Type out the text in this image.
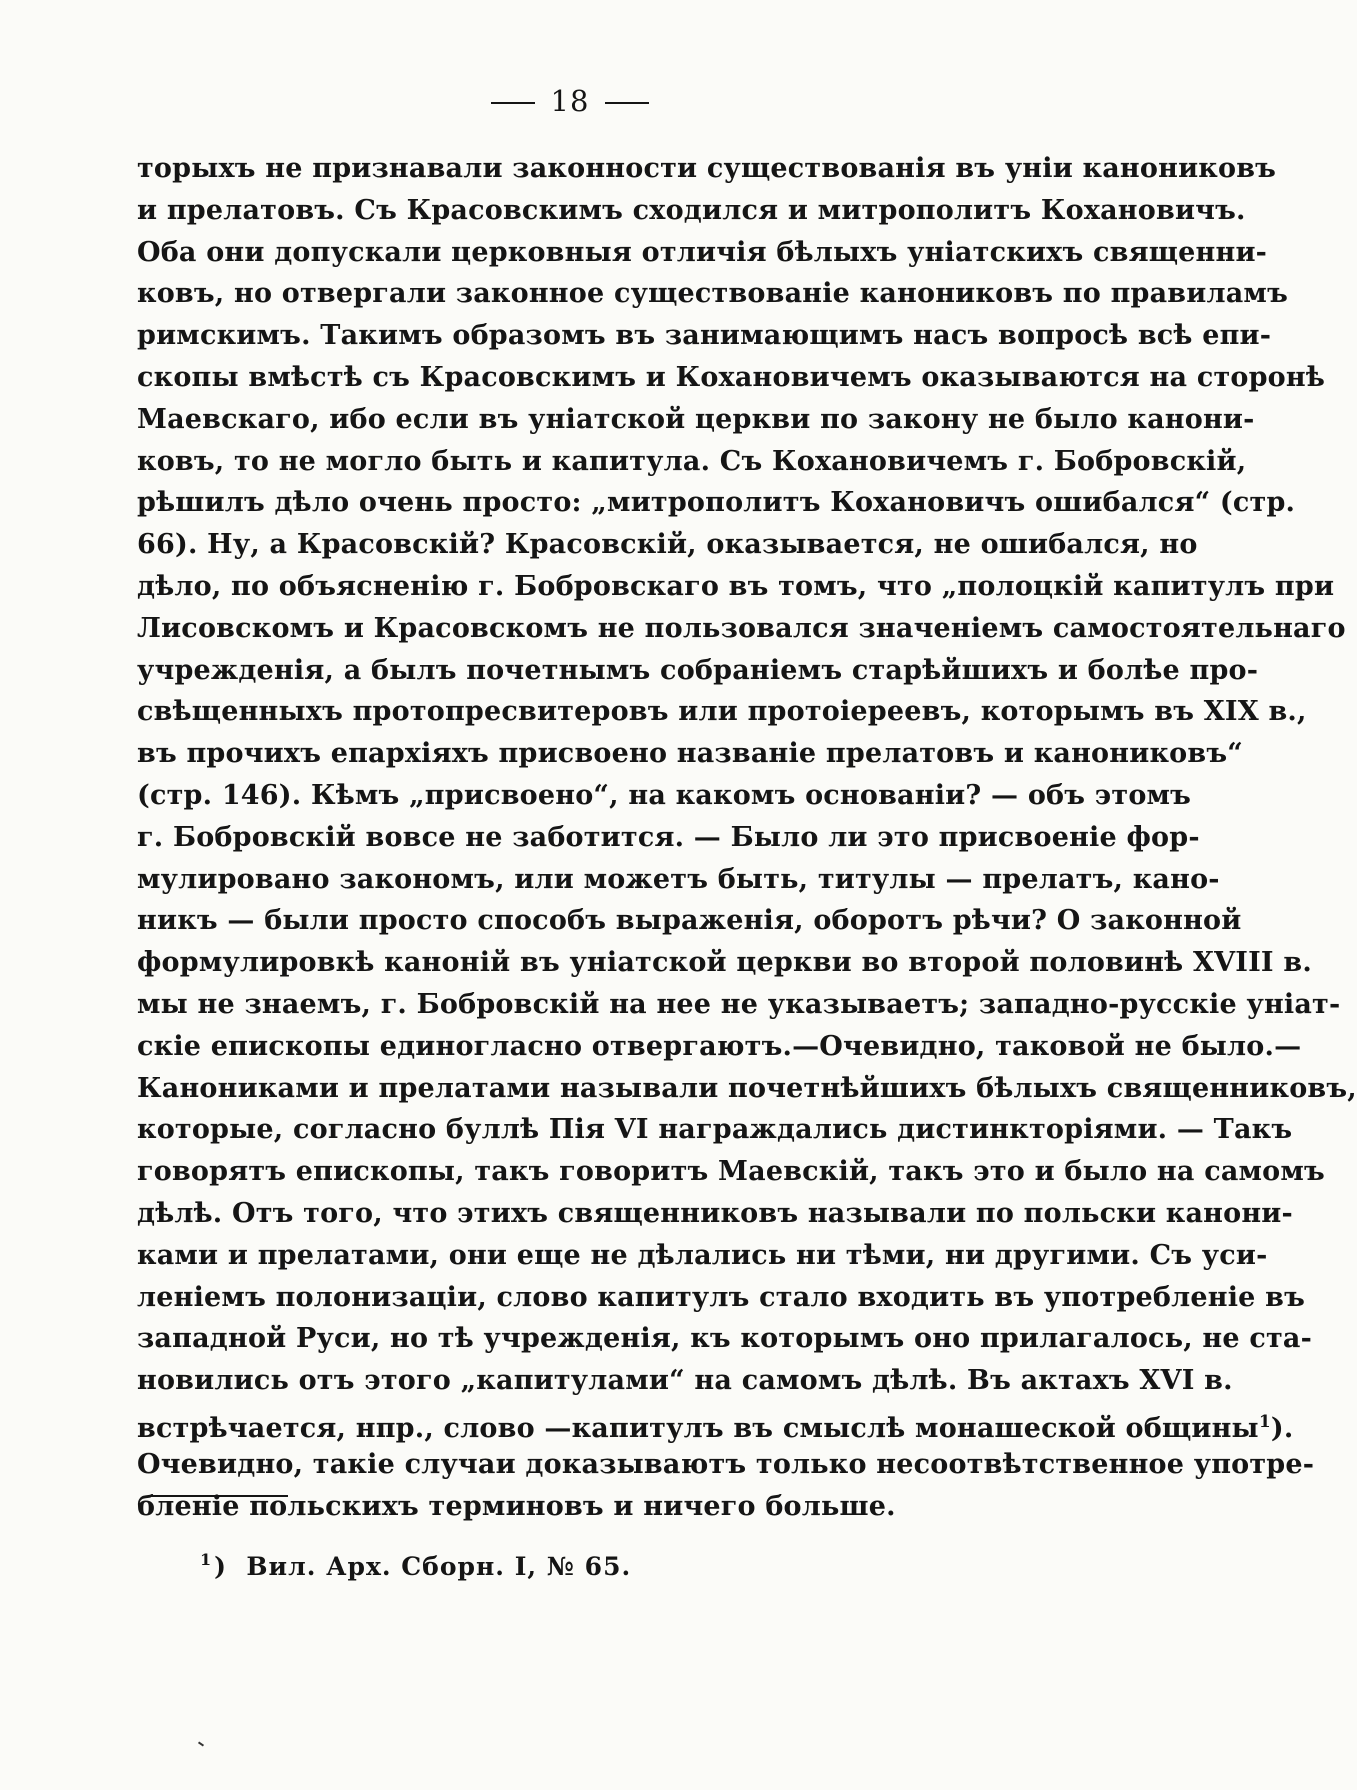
18
торыхъ не признавали законности существованія въ уніи канониковъ
и прелатовъ. Съ Красовскимъ сходился и митрополитъ Кохановичъ.
Оба они допускали церковныя отличія бѣлыхъ уніатскихъ священни-
ковъ, но отвергали законное существованіе канониковъ по правиламъ
римскимъ. Такимъ образомъ въ занимающимъ насъ вопросѣ всѣ епи-
скопы вмѣстѣ съ Красовскимъ и Кохановичемъ оказываются на сторонѣ
Маевскаго, ибо если въ уніатской церкви по закону не было канони-
ковъ, то не могло быть и капитула. Съ Кохановичемъ г. Бобровскій,
рѣшилъ дѣло очень просто: „митрополитъ Кохановичъ ошибался“ (стр.
66). Ну, а Красовскій? Красовскій, оказывается, не ошибался, но
дѣло, по объясненію г. Бобровскаго въ томъ, что „полоцкій капитулъ при
Лисовскомъ и Красовскомъ не пользовался значеніемъ самостоятельнаго
учрежденія, а былъ почетнымъ собраніемъ старѣйшихъ и болѣе про-
свѣщенныхъ протопресвитеровъ или протоіереевъ, которымъ въ XIX в.,
въ прочихъ епархіяхъ присвоено названіе прелатовъ и канониковъ“
(стр. 146). Кѣмъ „присвоено“, на какомъ основаніи? — объ этомъ
г. Бобровскій вовсе не заботится. — Было ли это присвоеніе фор-
мулировано закономъ, или можетъ быть, титулы — прелатъ, кано-
никъ — были просто способъ выраженія, оборотъ рѣчи? О законной
формулировкѣ каноній въ уніатской церкви во второй половинѣ XVIII в.
мы не знаемъ, г. Бобровскій на нее не указываетъ; западно-русскіе уніат-
скіе епископы единогласно отвергаютъ.—Очевидно, таковой не было.—
Канониками и прелатами называли почетнѣйшихъ бѣлыхъ священниковъ,
которые, согласно буллѣ Пія VI награждались дистинкторіями. — Такъ
говорятъ епископы, такъ говоритъ Маевскій, такъ это и было на самомъ
дѣлѣ. Отъ того, что этихъ священниковъ называли по польски канони-
ками и прелатами, они еще не дѣлались ни тѣми, ни другими. Съ уси-
леніемъ полонизаціи, слово капитулъ стало входить въ употребленіе въ
западной Руси, но тѣ учрежденія, къ которымъ оно прилагалось, не ста-
новились отъ этого „капитулами“ на самомъ дѣлѣ. Въ актахъ XVI в.
встрѣчается, нпр., слово —капитулъ въ смыслѣ монашеской общины$^1$).
Очевидно, такіе случаи доказываютъ только несоотвѣтственное употре-
бленіе польскихъ терминовъ и ничего больше.
$^1$) Вил. Арх. Сборн. I, № 65.
